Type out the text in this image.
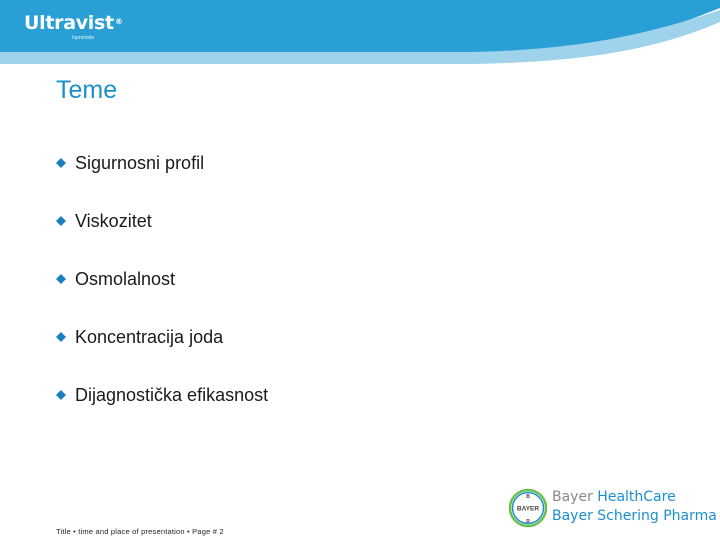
Ultravist®
Iopromide
Teme
Sigurnosni profil
Viskozitet
Osmolalnost
Koncentracija joda
Dijagnostička efikasnost
Title • time and place of presentation • Page # 2
BAYER
B
R
Bayer HealthCare
Bayer Schering Pharma
